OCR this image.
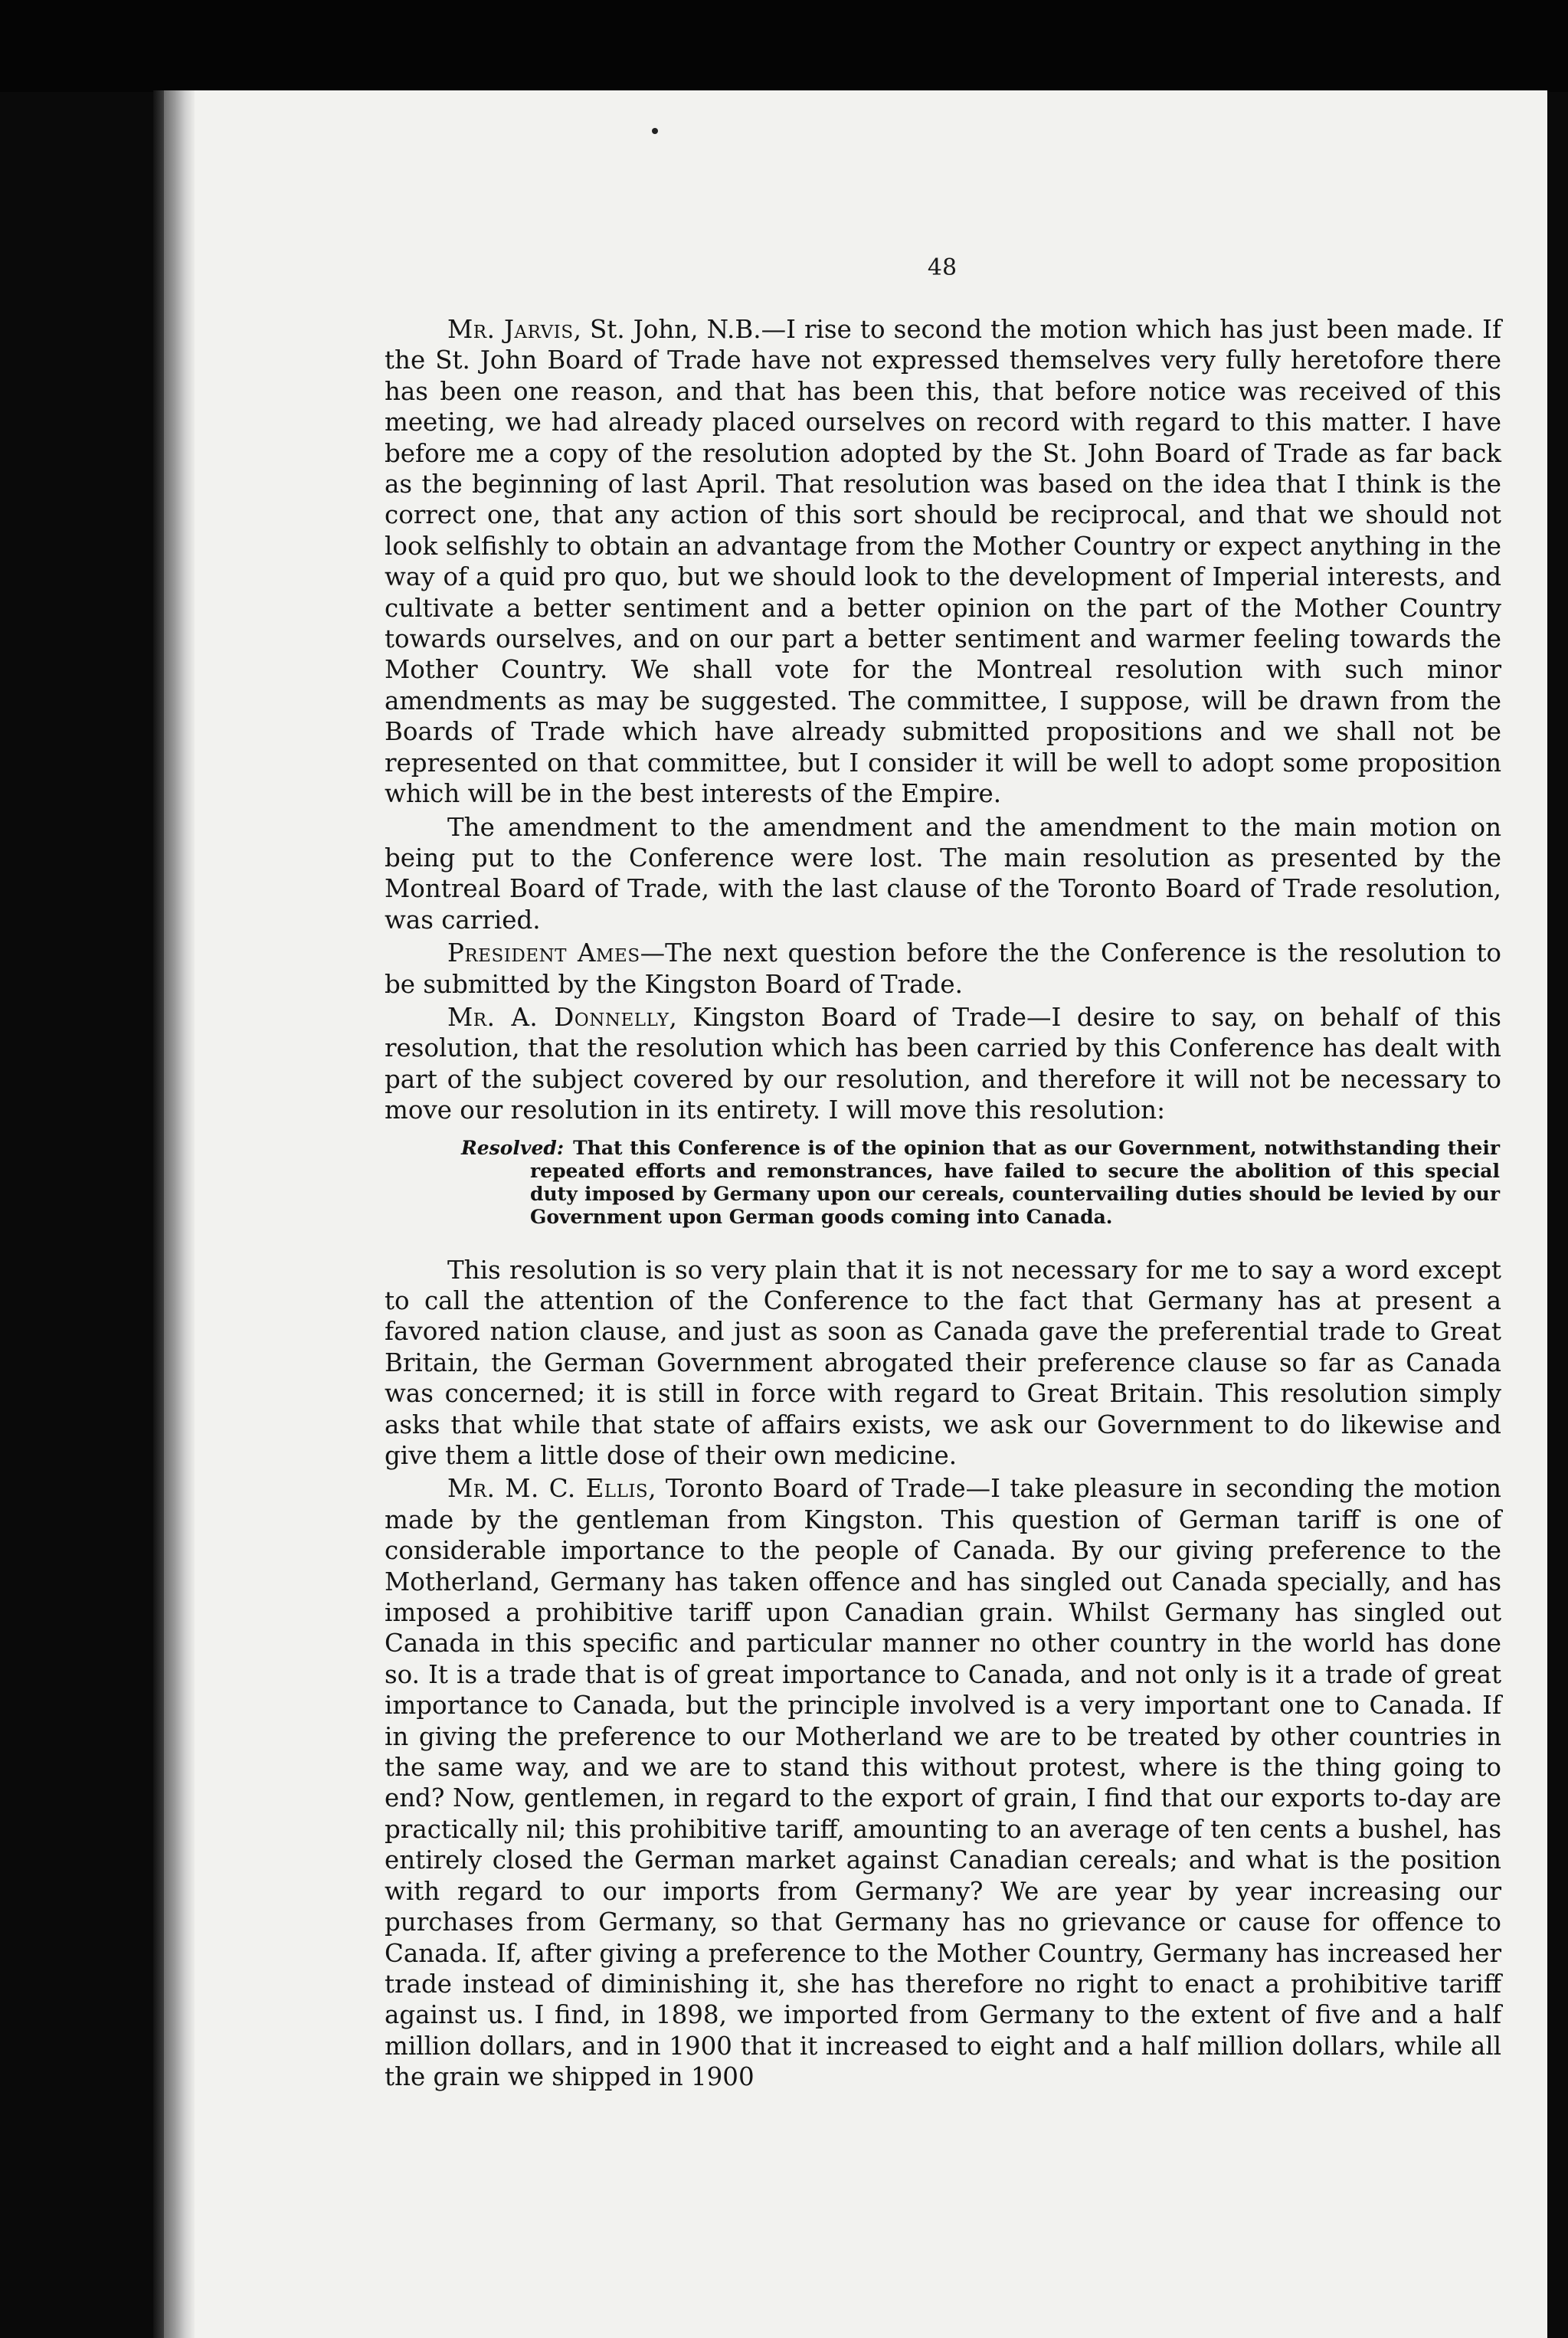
48

Mr. Jarvis, St. John, N.B.—I rise to second the motion which has just been made. If the St. John Board of Trade have not expressed themselves very fully heretofore there has been one reason, and that has been this, that before notice was received of this meeting, we had already placed ourselves on record with regard to this matter. I have before me a copy of the resolution adopted by the St. John Board of Trade as far back as the beginning of last April. That resolution was based on the idea that I think is the correct one, that any action of this sort should be reciprocal, and that we should not look selfishly to obtain an advantage from the Mother Country or expect anything in the way of a quid pro quo, but we should look to the development of Imperial interests, and cultivate a better sentiment and a better opinion on the part of the Mother Country towards ourselves, and on our part a better sentiment and warmer feeling towards the Mother Country. We shall vote for the Montreal resolution with such minor amendments as may be suggested. The committee, I suppose, will be drawn from the Boards of Trade which have already submitted propositions and we shall not be represented on that committee, but I consider it will be well to adopt some proposition which will be in the best interests of the Empire.

The amendment to the amendment and the amendment to the main motion on being put to the Conference were lost. The main resolution as presented by the Montreal Board of Trade, with the last clause of the Toronto Board of Trade resolution, was carried.

President Ames—The next question before the the Conference is the resolution to be submitted by the Kingston Board of Trade.

Mr. A. Donnelly, Kingston Board of Trade—I desire to say, on behalf of this resolution, that the resolution which has been carried by this Conference has dealt with part of the subject covered by our resolution, and therefore it will not be necessary to move our resolution in its entirety. I will move this resolution:

Resolved: That this Conference is of the opinion that as our Government, notwithstanding their repeated efforts and remonstrances, have failed to secure the abolition of this special duty imposed by Germany upon our cereals, countervailing duties should be levied by our Government upon German goods coming into Canada.

This resolution is so very plain that it is not necessary for me to say a word except to call the attention of the Conference to the fact that Germany has at present a favored nation clause, and just as soon as Canada gave the preferential trade to Great Britain, the German Government abrogated their preference clause so far as Canada was concerned; it is still in force with regard to Great Britain. This resolution simply asks that while that state of affairs exists, we ask our Government to do likewise and give them a little dose of their own medicine.

Mr. M. C. Ellis, Toronto Board of Trade—I take pleasure in seconding the motion made by the gentleman from Kingston. This question of German tariff is one of considerable importance to the people of Canada. By our giving preference to the Motherland, Germany has taken offence and has singled out Canada specially, and has imposed a prohibitive tariff upon Canadian grain. Whilst Germany has singled out Canada in this specific and particular manner no other country in the world has done so. It is a trade that is of great importance to Canada, and not only is it a trade of great importance to Canada, but the principle involved is a very important one to Canada. If in giving the preference to our Motherland we are to be treated by other countries in the same way, and we are to stand this without protest, where is the thing going to end? Now, gentlemen, in regard to the export of grain, I find that our exports to-day are practically nil; this prohibitive tariff, amounting to an average of ten cents a bushel, has entirely closed the German market against Canadian cereals; and what is the position with regard to our imports from Germany? We are year by year increasing our purchases from Germany, so that Germany has no grievance or cause for offence to Canada. If, after giving a preference to the Mother Country, Germany has increased her trade instead of diminishing it, she has therefore no right to enact a prohibitive tariff against us. I find, in 1898, we imported from Germany to the extent of five and a half million dollars, and in 1900 that it increased to eight and a half million dollars, while all the grain we shipped in 1900
